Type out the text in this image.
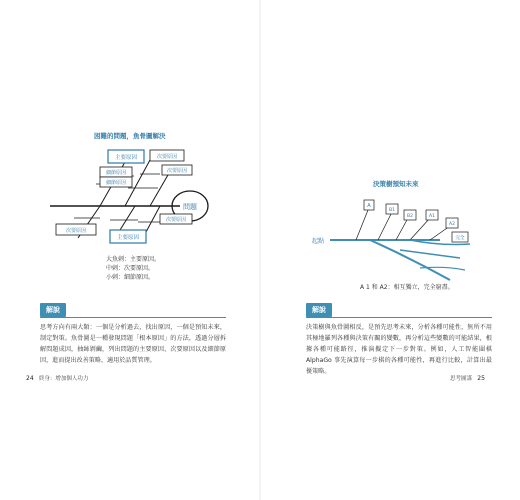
困難的問題，魚骨圖解決
問題
主要原因	次要原因
細節原因	次要原因
細節原因
次要原因
次要原因
主要原因
大魚刺：主要原因。
中刺：次要原因。
小刺：細節原因。
解說
思考方向有兩大類：一個是分析過去，找出原因，一個是預知未來，制定對策。魚骨圖是一種發現問題「根本原因」的方法，透過分層拆解問題成因，抽絲剝繭，列出問題的主要原因、次要原因以及細節原因，進而提出改善策略、適用於品質管理。
24 終身：增加個人功力
決策樹預知未來
起點
A
B1
B2	A1
A2
完全
A 1 和 A2：相互獨立，完全窮盡。
解說
決策樹與魚骨圖相反，是預先思考未來，分析各種可能性，無所不用其極地羅列各種與決策有關的變數，再分析這些變數的可能結果，根據各種可能路徑，推演擬定下一步對策。例如，人工智能圍棋 AlphaGo 事先演算每一步棋的各種可能性，再進行比較，計算出最優策略。
思考圖謀 25
